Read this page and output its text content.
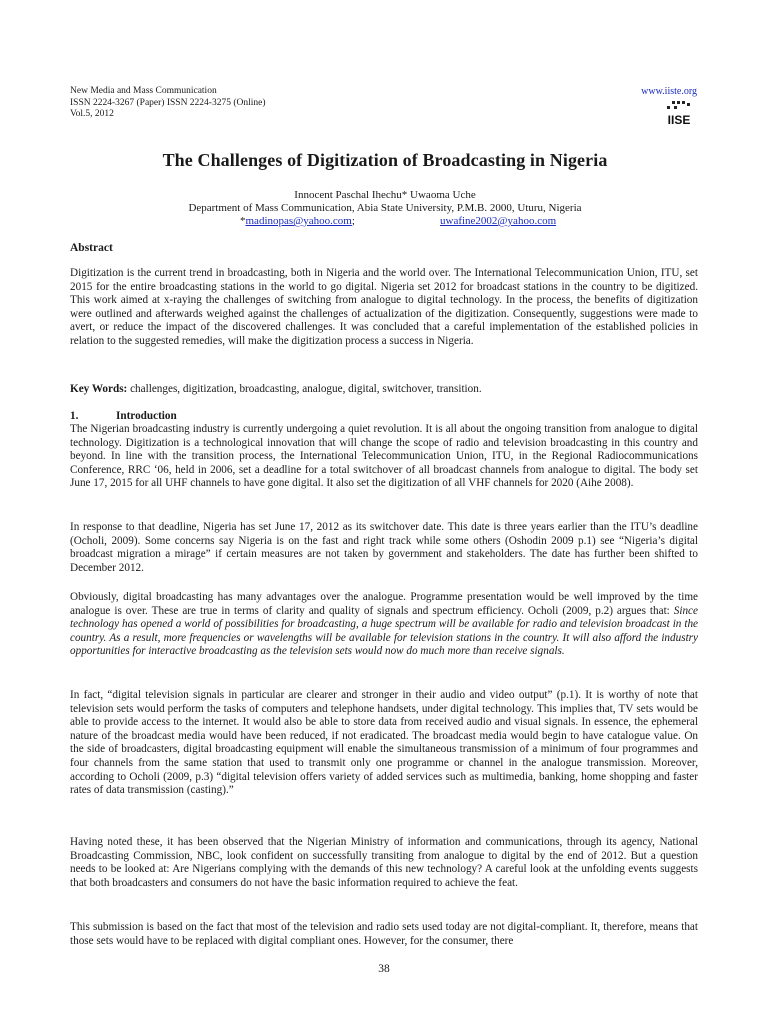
New Media and Mass Communication
ISSN 2224-3267 (Paper) ISSN 2224-3275 (Online)
Vol.5, 2012
www.iiste.org
IISE
The Challenges of Digitization of Broadcasting in Nigeria
Innocent Paschal Ihechu* Uwaoma Uche
Department of Mass Communication, Abia State University, P.M.B. 2000, Uturu, Nigeria
*madinopas@yahoo.com;	uwafine2002@yahoo.com
Abstract

Digitization is the current trend in broadcasting, both in Nigeria and the world over. The International Telecommunication Union, ITU, set 2015 for the entire broadcasting stations in the world to go digital. Nigeria set 2012 for broadcast stations in the country to be digitized. This work aimed at x-raying the challenges of switching from analogue to digital technology. In the process, the benefits of digitization were outlined and afterwards weighed against the challenges of actualization of the digitization. Consequently, suggestions were made to avert, or reduce the impact of the discovered challenges. It was concluded that a careful implementation of the established policies in relation to the suggested remedies, will make the digitization process a success in Nigeria.

Key Words: challenges, digitization, broadcasting, analogue, digital, switchover, transition.
1.	Introduction

The Nigerian broadcasting industry is currently undergoing a quiet revolution. It is all about the ongoing transition from analogue to digital technology. Digitization is a technological innovation that will change the scope of radio and television broadcasting in this country and beyond. In line with the transition process, the International Telecommunication Union, ITU, in the Regional Radiocommunications Conference, RRC ‘06, held in 2006, set a deadline for a total switchover of all broadcast channels from analogue to digital. The body set June 17, 2015 for all UHF channels to have gone digital. It also set the digitization of all VHF channels for 2020 (Aihe 2008).

In response to that deadline, Nigeria has set June 17, 2012 as its switchover date. This date is three years earlier than the ITU’s deadline (Ocholi, 2009). Some concerns say Nigeria is on the fast and right track while some others (Oshodin 2009 p.1) see “Nigeria’s digital broadcast migration a mirage” if certain measures are not taken by government and stakeholders. The date has further been shifted to December 2012.

Obviously, digital broadcasting has many advantages over the analogue. Programme presentation would be well improved by the time analogue is over. These are true in terms of clarity and quality of signals and spectrum efficiency. Ocholi (2009, p.2) argues that: Since technology has opened a world of possibilities for broadcasting, a huge spectrum will be available for radio and television broadcast in the country. As a result, more frequencies or wavelengths will be available for television stations in the country. It will also afford the industry opportunities for interactive broadcasting as the television sets would now do much more than receive signals.

In fact, “digital television signals in particular are clearer and stronger in their audio and video output” (p.1). It is worthy of note that television sets would perform the tasks of computers and telephone handsets, under digital technology. This implies that, TV sets would be able to provide access to the internet. It would also be able to store data from received audio and visual signals. In essence, the ephemeral nature of the broadcast media would have been reduced, if not eradicated. The broadcast media would begin to have catalogue value. On the side of broadcasters, digital broadcasting equipment will enable the simultaneous transmission of a minimum of four programmes and four channels from the same station that used to transmit only one programme or channel in the analogue transmission. Moreover, according to Ocholi (2009, p.3) “digital television offers variety of added services such as multimedia, banking, home shopping and faster rates of data transmission (casting).”

Having noted these, it has been observed that the Nigerian Ministry of information and communications, through its agency, National Broadcasting Commission, NBC, look confident on successfully transiting from analogue to digital by the end of 2012. But a question needs to be looked at: Are Nigerians complying with the demands of this new technology? A careful look at the unfolding events suggests that both broadcasters and consumers do not have the basic information required to achieve the feat.

This submission is based on the fact that most of the television and radio sets used today are not digital-compliant. It, therefore, means that those sets would have to be replaced with digital compliant ones. However, for the consumer, there

38
